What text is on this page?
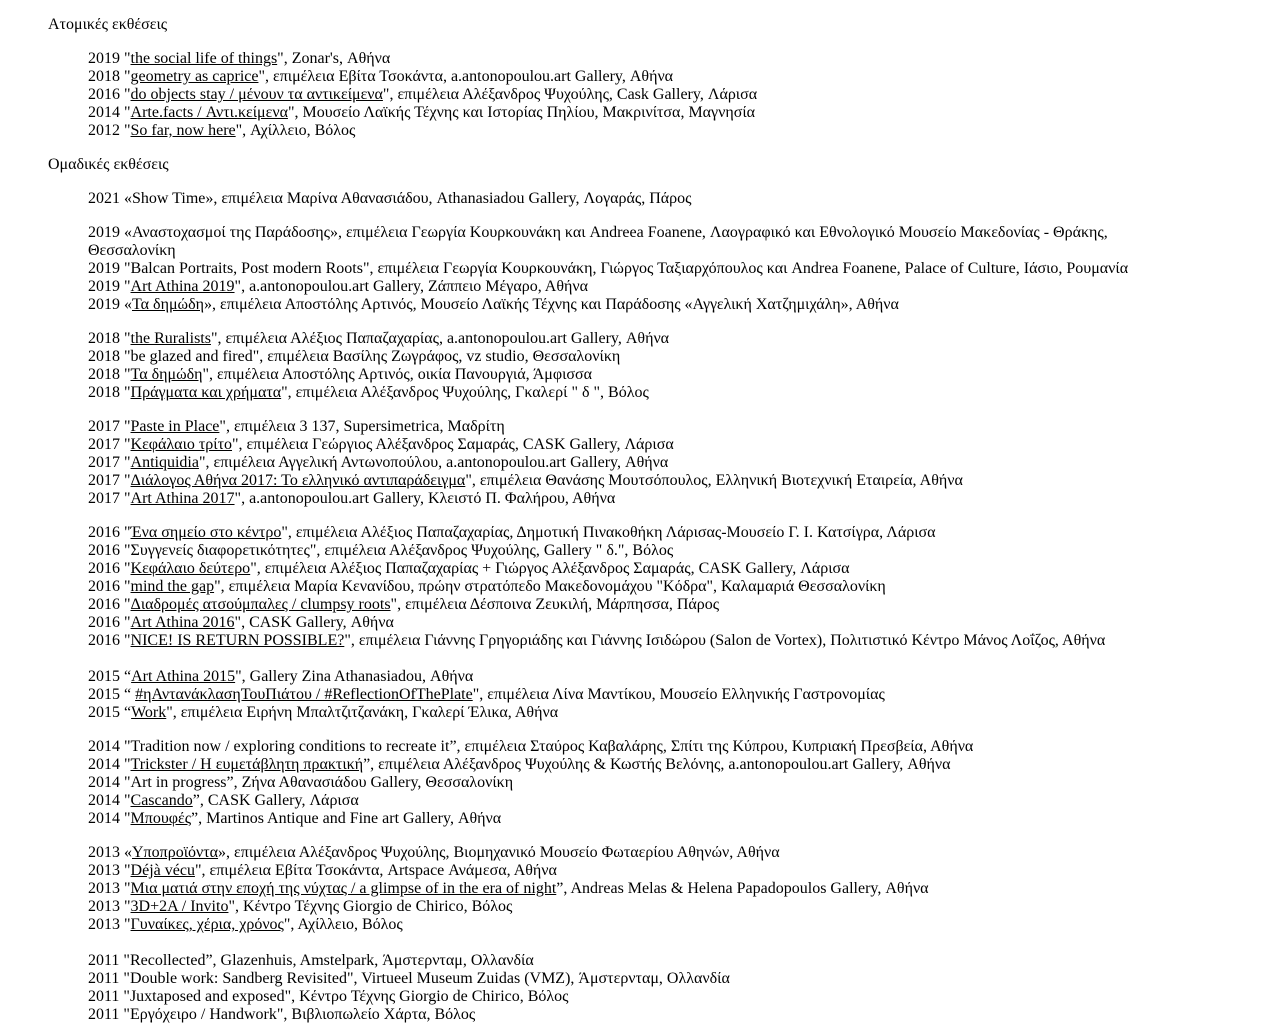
Ατομικές εκθέσεις
2019 "the social life of things", Zonar's, Αθήνα
2018 "geometry as caprice", επιμέλεια Εβίτα Τσοκάντα, a.antonopoulou.art Gallery, Αθήνα
2016 "do objects stay / μένουν τα αντικείμενα", επιμέλεια Αλέξανδρος Ψυχούλης, Cask Gallery, Λάρισα
2014 "Arte.facts / Αντι.κείμενα", Μουσείο Λαϊκής Τέχνης και Ιστορίας Πηλίου, Μακρινίτσα, Μαγνησία
2012 "So far, now here", Αχίλλειο, Βόλος
Ομαδικές εκθέσεις
2021 «Show Time», επιμέλεια Μαρίνα Αθανασιάδου, Athanasiadou Gallery, Λογαράς, Πάρος
2019 «Αναστοχασμοί της Παράδοσης», επιμέλεια Γεωργία Κουρκουνάκη και Andreea Foanene, Λαογραφικό και Εθνολογικό Μουσείο Μακεδονίας - Θράκης, Θεσσαλονίκη
2019 "Balcan Portraits, Post modern Roots", επιμέλεια Γεωργία Κουρκουνάκη, Γιώργος Ταξιαρχόπουλος και Andrea Foanene, Palace of Culture, Ιάσιο, Ρουμανία
2019 "Art Athina 2019", a.antonopoulou.art Gallery, Ζάππειο Μέγαρο, Αθήνα
2019 «Τα δημώδη», επιμέλεια Αποστόλης Αρτινός, Μουσείο Λαϊκής Τέχνης και Παράδοσης «Αγγελική Χατζημιχάλη», Αθήνα
2018 "the Ruralists", επιμέλεια Αλέξιος Παπαζαχαρίας, a.antonopoulou.art Gallery, Αθήνα
2018 "be glazed and fired", επιμέλεια Βασίλης Ζωγράφος, vz studio, Θεσσαλονίκη
2018 "Τα δημώδη", επιμέλεια Αποστόλης Αρτινός, οικία Πανουργιά, Άμφισσα
2018 "Πράγματα και χρήματα", επιμέλεια Αλέξανδρος Ψυχούλης, Γκαλερί " δ ", Βόλος
2017 "Paste in Place", επιμέλεια 3 137, Supersimetrica, Μαδρίτη
2017 "Κεφάλαιο τρίτο", επιμέλεια Γεώργιος Αλέξανδρος Σαμαράς, CASK Gallery, Λάρισα
2017 "Antiquidia", επιμέλεια Αγγελική Αντωνοπούλου, a.antonopoulou.art Gallery, Αθήνα
2017 "Διάλογος Αθήνα 2017: Το ελληνικό αντιπαράδειγμα", επιμέλεια Θανάσης Μουτσόπουλος, Ελληνική Βιοτεχνική Εταιρεία, Αθήνα
2017 "Art Athina 2017", a.antonopoulou.art Gallery, Κλειστό Π. Φαλήρου, Αθήνα
2016 "Ένα σημείο στο κέντρο", επιμέλεια Αλέξιος Παπαζαχαρίας, Δημοτική Πινακοθήκη Λάρισας-Μουσείο Γ. Ι. Κατσίγρα, Λάρισα
2016 "Συγγενείς διαφορετικότητες", επιμέλεια Αλέξανδρος Ψυχούλης, Gallery " δ.", Βόλος
2016 "Κεφάλαιο δεύτερο", επιμέλεια Αλέξιος Παπαζαχαρίας + Γιώργος Αλέξανδρος Σαμαράς, CASK Gallery, Λάρισα
2016 "mind the gap", επιμέλεια Μαρία Κενανίδου, πρώην στρατόπεδο Μακεδονομάχου "Κόδρα", Καλαμαριά Θεσσαλονίκη
2016 "Διαδρομές ατσούμπαλες / clumpsy roots", επιμέλεια Δέσποινα Ζευκιλή, Μάρπησσα, Πάρος
2016 "Art Athina 2016", CASK Gallery, Αθήνα
2016 "NICE! IS RETURN POSSIBLE?", επιμέλεια Γιάννης Γρηγοριάδης και Γιάννης Ισιδώρου (Salon de Vortex), Πολιτιστικό Κέντρο Μάνος Λοΐζος, Αθήνα
2015 “Art Athina 2015", Gallery Zina Athanasiadou, Αθήνα
2015 “ #ηΑντανάκλασηΤουΠιάτου / #ReflectionOfThePlate", επιμέλεια Λίνα Μαντίκου, Μουσείο Ελληνικής Γαστρονομίας
2015 “Work", επιμέλεια Ειρήνη Μπαλτζιτζανάκη, Γκαλερί Έλικα, Αθήνα
2014 "Tradition now / exploring conditions to recreate it”, επιμέλεια Σταύρος Καβαλάρης, Σπίτι της Κύπρου, Κυπριακή Πρεσβεία, Αθήνα
2014 "Trickster / Η ευμετάβλητη πρακτική”, επιμέλεια Αλέξανδρος Ψυχούλης & Κωστής Βελόνης, a.antonopoulou.art Gallery, Αθήνα
2014 "Art in progress”, Ζήνα Αθανασιάδου Gallery, Θεσσαλονίκη
2014 "Cascando”, CASK Gallery, Λάρισα
2014 "Μπουφές”, Martinos Antique and Fine art Gallery, Αθήνα
2013 «Υποπροϊόντα», επιμέλεια Αλέξανδρος Ψυχούλης, Βιομηχανικό Μουσείο Φωταερίου Αθηνών, Αθήνα
2013 "Déjà vécu", επιμέλεια Εβίτα Τσοκάντα, Artspace Ανάμεσα, Αθήνα
2013 "Μια ματιά στην εποχή της νύχτας / a glimpse of in the era of night”, Andreas Melas & Helena Papadopoulos Gallery, Αθήνα
2013 "3D+2A / Invito", Κέντρο Τέχνης Giorgio de Chirico, Βόλος
2013 "Γυναίκες, χέρια, χρόνος", Αχίλλειο, Βόλος
2011 "Recollected”, Glazenhuis, Amstelpark, Άμστερνταμ, Ολλανδία
2011 "Double work: Sandberg Revisited", Virtueel Museum Zuidas (VMZ), Άμστερνταμ, Ολλανδία
2011 "Juxtaposed and exposed", Κέντρο Τέχνης Giorgio de Chirico, Βόλος
2011 "Εργόχειρο / Handwork", Βιβλιοπωλείο Χάρτα, Βόλος
